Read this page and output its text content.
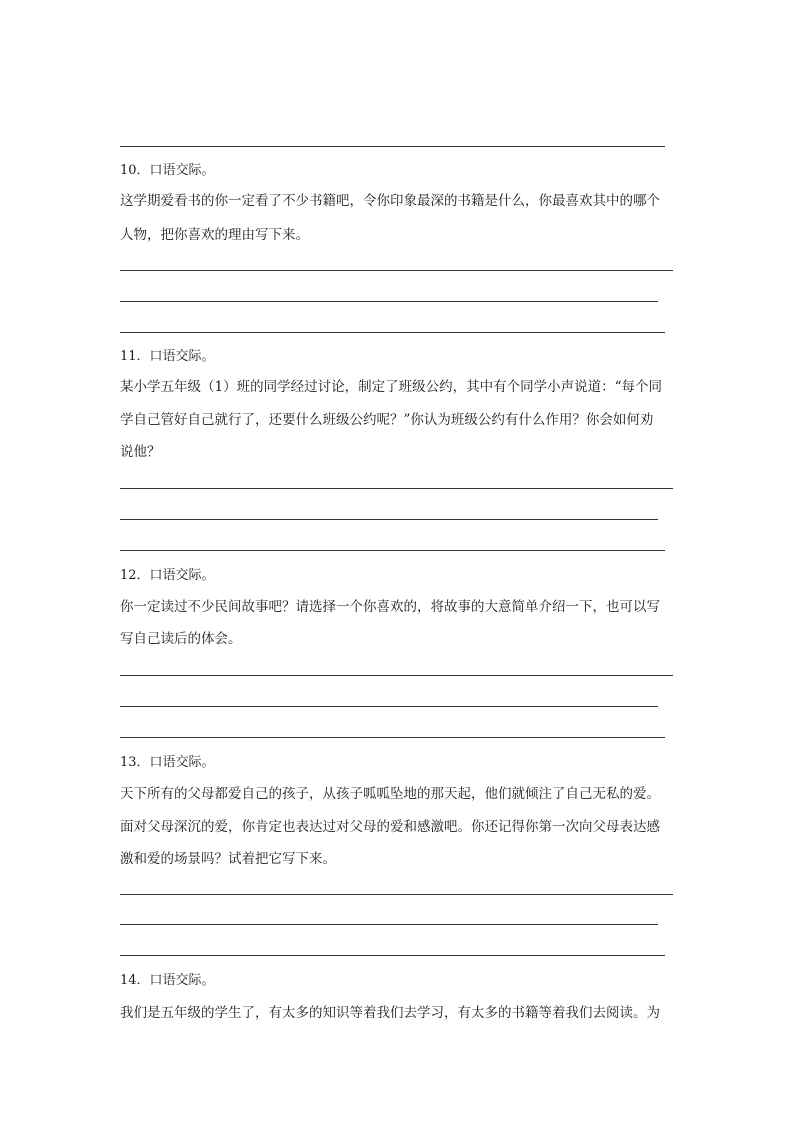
10．口语交际。
这学期爱看书的你一定看了不少书籍吧，令你印象最深的书籍是什么，你最喜欢其中的哪个
人物，把你喜欢的理由写下来。
11．口语交际。
某小学五年级（1）班的同学经过讨论，制定了班级公约，其中有个同学小声说道：“每个同
学自己管好自己就行了，还要什么班级公约呢？”你认为班级公约有什么作用？你会如何劝
说他？
12．口语交际。
你一定读过不少民间故事吧？请选择一个你喜欢的，将故事的大意简单介绍一下，也可以写
写自己读后的体会。
13．口语交际。
天下所有的父母都爱自己的孩子，从孩子呱呱坠地的那天起，他们就倾注了自己无私的爱。
面对父母深沉的爱，你肯定也表达过对父母的爱和感激吧。你还记得你第一次向父母表达感
激和爱的场景吗？试着把它写下来。
14．口语交际。
我们是五年级的学生了，有太多的知识等着我们去学习，有太多的书籍等着我们去阅读。为
